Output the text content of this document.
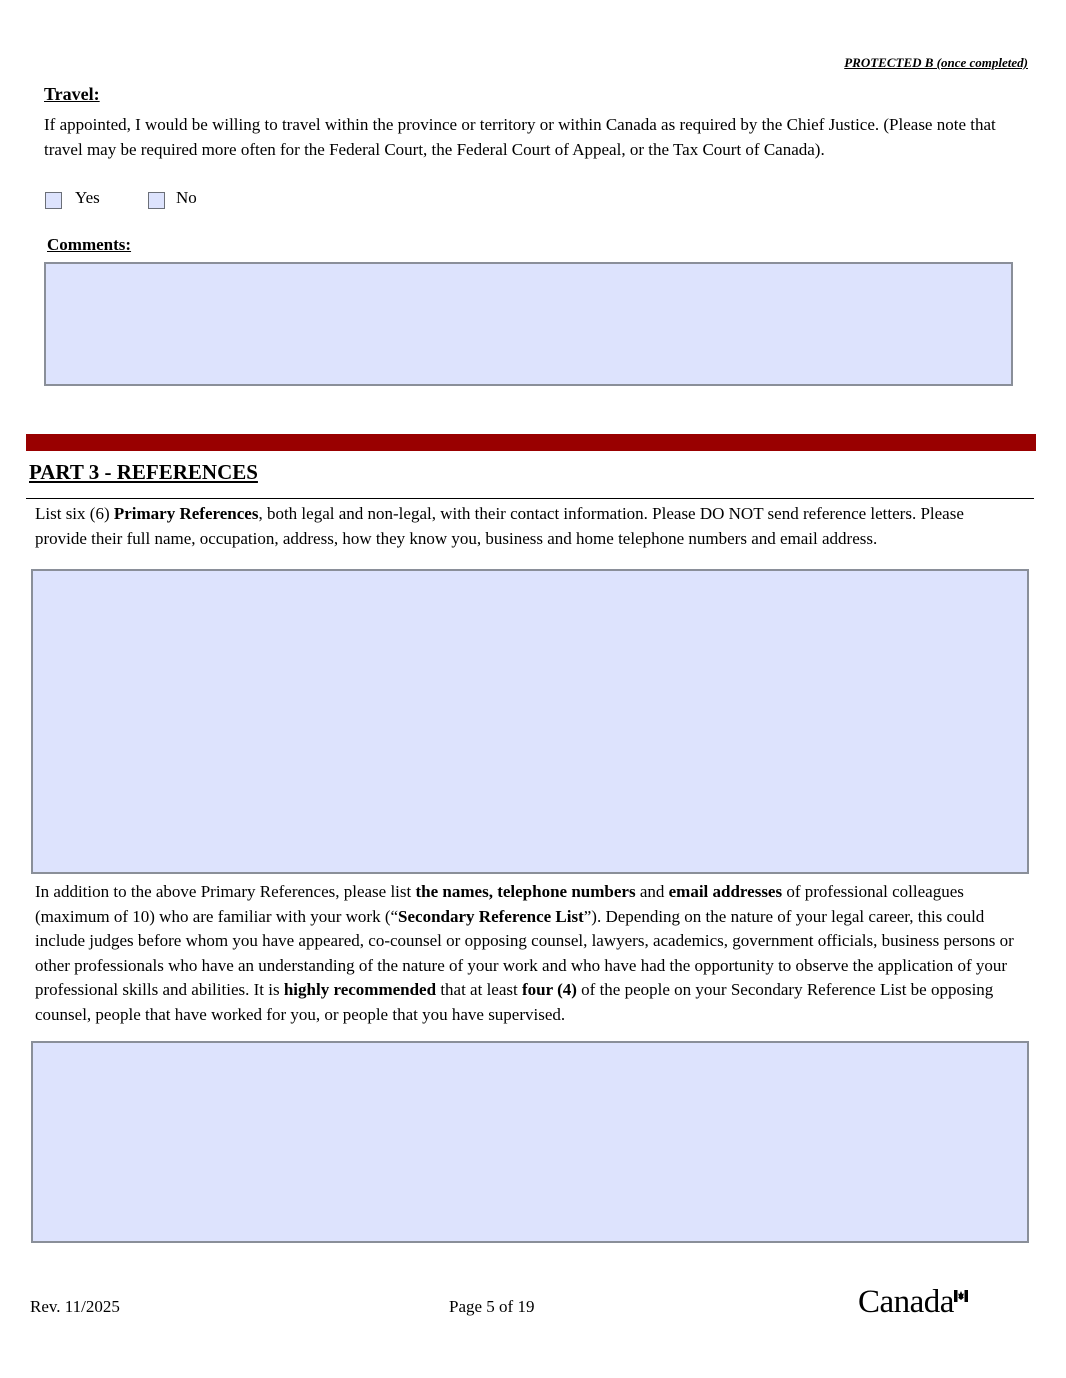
PROTECTED B (once completed)
Travel:

If appointed, I would be willing to travel within the province or territory or within Canada as required by the Chief Justice. (Please note that travel may be required more often for the Federal Court, the Federal Court of Appeal, or the Tax Court of Canada).

Yes	No
Comments:
PART 3 - REFERENCES

List six (6) Primary References, both legal and non-legal, with their contact information. Please DO NOT send reference letters. Please provide their full name, occupation, address, how they know you, business and home telephone numbers and email address.

In addition to the above Primary References, please list the names, telephone numbers and email addresses of professional colleagues (maximum of 10) who are familiar with your work (“Secondary Reference List”). Depending on the nature of your legal career, this could include judges before whom you have appeared, co-counsel or opposing counsel, lawyers, academics, government officials, business persons or other professionals who have an understanding of the nature of your work and who have had the opportunity to observe the application of your professional skills and abilities. It is highly recommended that at least four (4) of the people on your Secondary Reference List be opposing counsel, people that have worked for you, or people that you have supervised.

Rev. 11/2025	Page 5 of 19	Canada
